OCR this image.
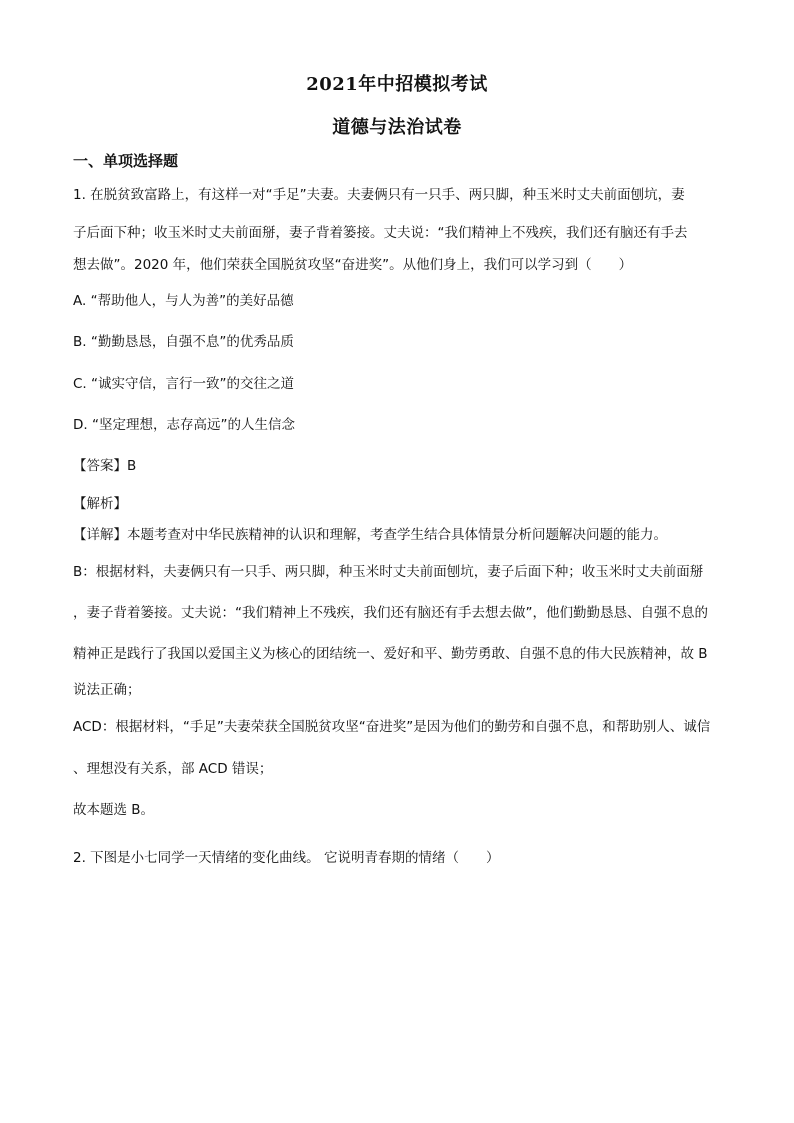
2021年中招模拟考试
道德与法治试卷
一、单项选择题
1. 在脱贫致富路上，有这样一对“手足”夫妻。夫妻俩只有一只手、两只脚，种玉米时丈夫前面刨坑，妻
子后面下种；收玉米时丈夫前面掰，妻子背着篓接。丈夫说：“我们精神上不残疾，我们还有脑还有手去
想去做”。2020 年，他们荣获全国脱贫攻坚“奋进奖”。从他们身上，我们可以学习到（　　）
A. “帮助他人，与人为善”的美好品德
B. “勤勤恳恳，自强不息”的优秀品质
C. “诚实守信，言行一致”的交往之道
D. “坚定理想，志存高远”的人生信念
【答案】B
【解析】
【详解】本题考查对中华民族精神的认识和理解，考查学生结合具体情景分析问题解决问题的能力。
B：根据材料，夫妻俩只有一只手、两只脚，种玉米时丈夫前面刨坑，妻子后面下种；收玉米时丈夫前面掰
，妻子背着篓接。丈夫说：“我们精神上不残疾，我们还有脑还有手去想去做”，他们勤勤恳恳、自强不息的
精神正是践行了我国以爱国主义为核心的团结统一、爱好和平、勤劳勇敢、自强不息的伟大民族精神，故 B
说法正确；
ACD：根据材料，“手足”夫妻荣获全国脱贫攻坚“奋进奖”是因为他们的勤劳和自强不息，和帮助别人、诚信
、理想没有关系，部 ACD 错误；
故本题选 B。
2. 下图是小七同学一天情绪的变化曲线。 它说明青春期的情绪（　　）
